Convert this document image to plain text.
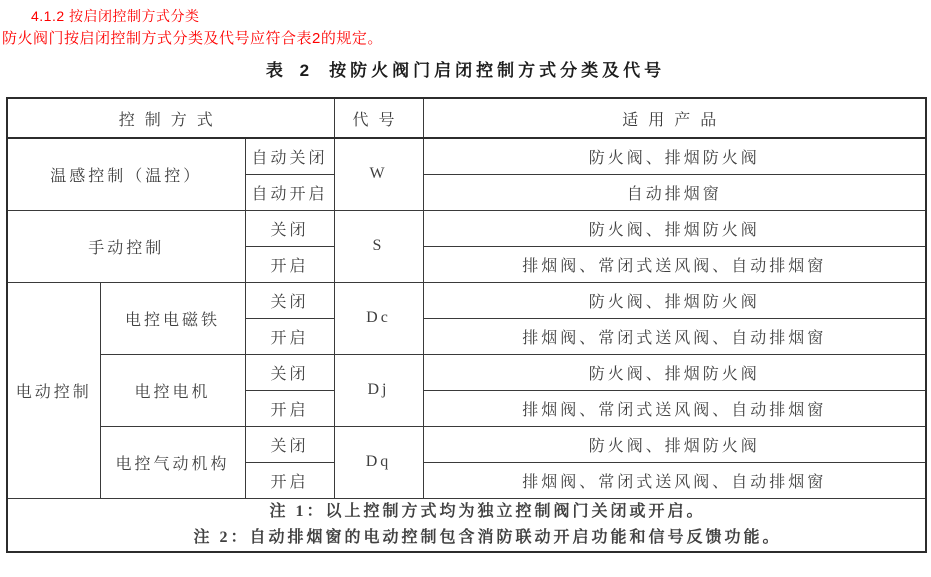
4.1.2 按启闭控制方式分类
防火阀门按启闭控制方式分类及代号应符合表2的规定。
表 2 按防火阀门启闭控制方式分类及代号
控制方式			代号	适用产品
温感控制（温控）		自动关闭	W	防火阀、排烟防火阀
		自动开启		自动排烟窗
手动控制		关闭	S	防火阀、排烟防火阀
		开启		排烟阀、常闭式送风阀、自动排烟窗
电动控制	电控电磁铁	关闭	Dc	防火阀、排烟防火阀
		开启		排烟阀、常闭式送风阀、自动排烟窗
	电控电机	关闭	Dj	防火阀、排烟防火阀
		开启		排烟阀、常闭式送风阀、自动排烟窗
	电控气动机构	关闭	Dq	防火阀、排烟防火阀
		开启		排烟阀、常闭式送风阀、自动排烟窗

注 1：以上控制方式均为独立控制阀门关闭或开启。
注 2：自动排烟窗的电动控制包含消防联动开启功能和信号反馈功能。				
